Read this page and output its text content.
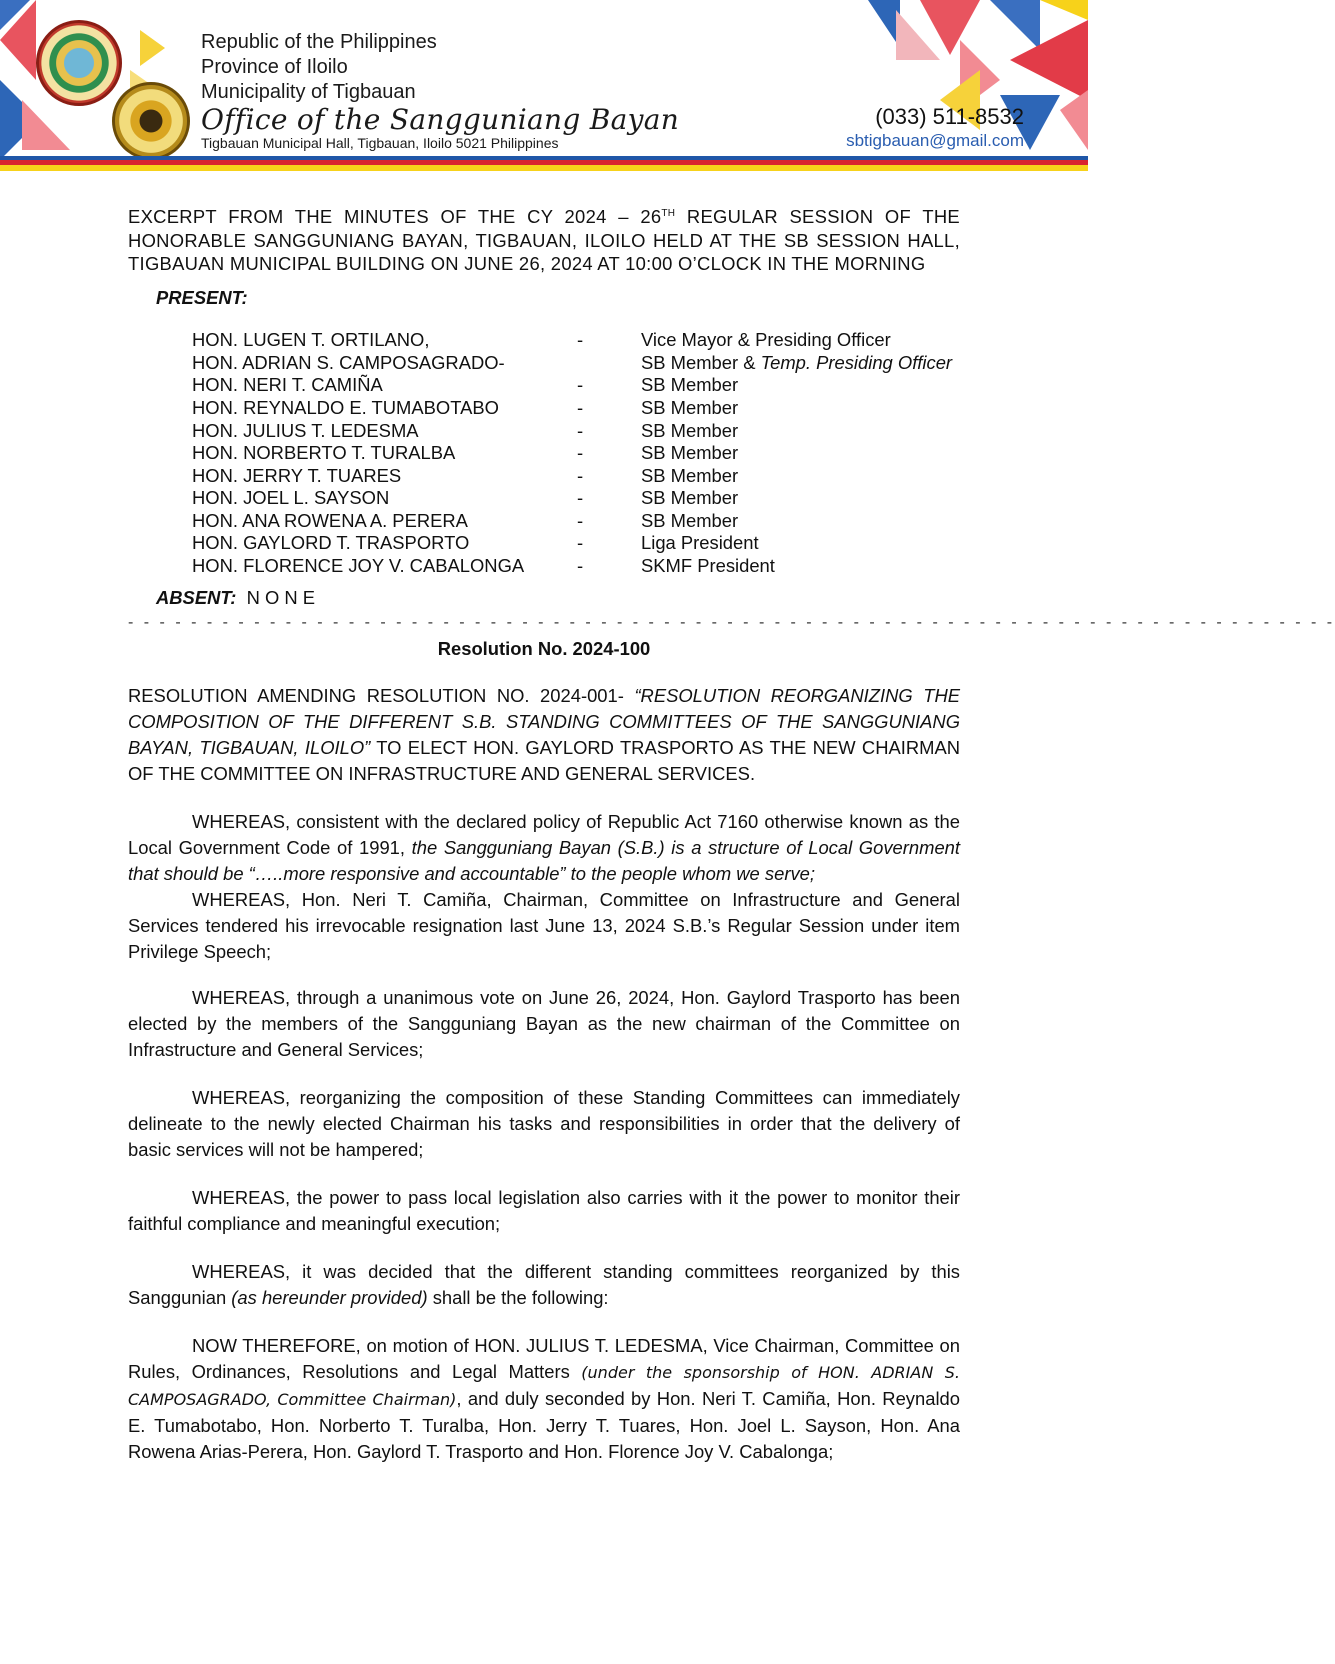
Republic of the Philippines
Province of Iloilo
Municipality of Tigbauan
Office of the Sangguniang Bayan
Tigbauan Municipal Hall, Tigbauan, Iloilo 5021 Philippines
(033) 511-8532
sbtigbauan@gmail.com

EXCERPT FROM THE MINUTES OF THE CY 2024 – 26TH REGULAR SESSION OF THE HONORABLE SANGGUNIANG BAYAN, TIGBAUAN, ILOILO HELD AT THE SB SESSION HALL, TIGBAUAN MUNICIPAL BUILDING ON JUNE 26, 2024 AT 10:00 O’CLOCK IN THE MORNING

PRESENT:
HON. LUGEN T. ORTILANO,	-	Vice Mayor & Presiding Officer
HON. ADRIAN S. CAMPOSAGRADO-	SB Member & Temp. Presiding Officer
HON. NERI T. CAMIÑA	-	SB Member
HON. REYNALDO E. TUMABOTABO	-	SB Member
HON. JULIUS T. LEDESMA	-	SB Member
HON. NORBERTO T. TURALBA	-	SB Member
HON. JERRY T. TUARES	-	SB Member
HON. JOEL L. SAYSON	-	SB Member
HON. ANA ROWENA A. PERERA	-	SB Member
HON. GAYLORD T. TRASPORTO	-	Liga President
HON. FLORENCE JOY V. CABALONGA	-	SKMF President
ABSENT: N O N E
- - - - - - - - - - - - - - - - - - - - - - - - - - - - - - - - - - - - - - - - - - - - - - - - - - - - - - - - - - - - - - - - - - - - - - - - - - - - -
Resolution No. 2024-100

RESOLUTION AMENDING RESOLUTION NO. 2024-001- “RESOLUTION REORGANIZING THE COMPOSITION OF THE DIFFERENT S.B. STANDING COMMITTEES OF THE SANGGUNIANG BAYAN, TIGBAUAN, ILOILO” TO ELECT HON. GAYLORD TRASPORTO AS THE NEW CHAIRMAN OF THE COMMITTEE ON INFRASTRUCTURE AND GENERAL SERVICES.

WHEREAS, consistent with the declared policy of Republic Act 7160 otherwise known as the Local Government Code of 1991, the Sangguniang Bayan (S.B.) is a structure of Local Government that should be “…..more responsive and accountable” to the people whom we serve;

WHEREAS, Hon. Neri T. Camiña, Chairman, Committee on Infrastructure and General Services tendered his irrevocable resignation last June 13, 2024 S.B.’s Regular Session under item Privilege Speech;

WHEREAS, through a unanimous vote on June 26, 2024, Hon. Gaylord Trasporto has been elected by the members of the Sangguniang Bayan as the new chairman of the Committee on Infrastructure and General Services;

WHEREAS, reorganizing the composition of these Standing Committees can immediately delineate to the newly elected Chairman his tasks and responsibilities in order that the delivery of basic services will not be hampered;

WHEREAS, the power to pass local legislation also carries with it the power to monitor their faithful compliance and meaningful execution;

WHEREAS, it was decided that the different standing committees reorganized by this Sanggunian (as hereunder provided) shall be the following:

NOW THEREFORE, on motion of HON. JULIUS T. LEDESMA, Vice Chairman, Committee on Rules, Ordinances, Resolutions and Legal Matters (under the sponsorship of HON. ADRIAN S. CAMPOSAGRADO, Committee Chairman), and duly seconded by Hon. Neri T. Camiña, Hon. Reynaldo E. Tumabotabo, Hon. Norberto T. Turalba, Hon. Jerry T. Tuares, Hon. Joel L. Sayson, Hon. Ana Rowena Arias-Perera, Hon. Gaylord T. Trasporto and Hon. Florence Joy V. Cabalonga;
